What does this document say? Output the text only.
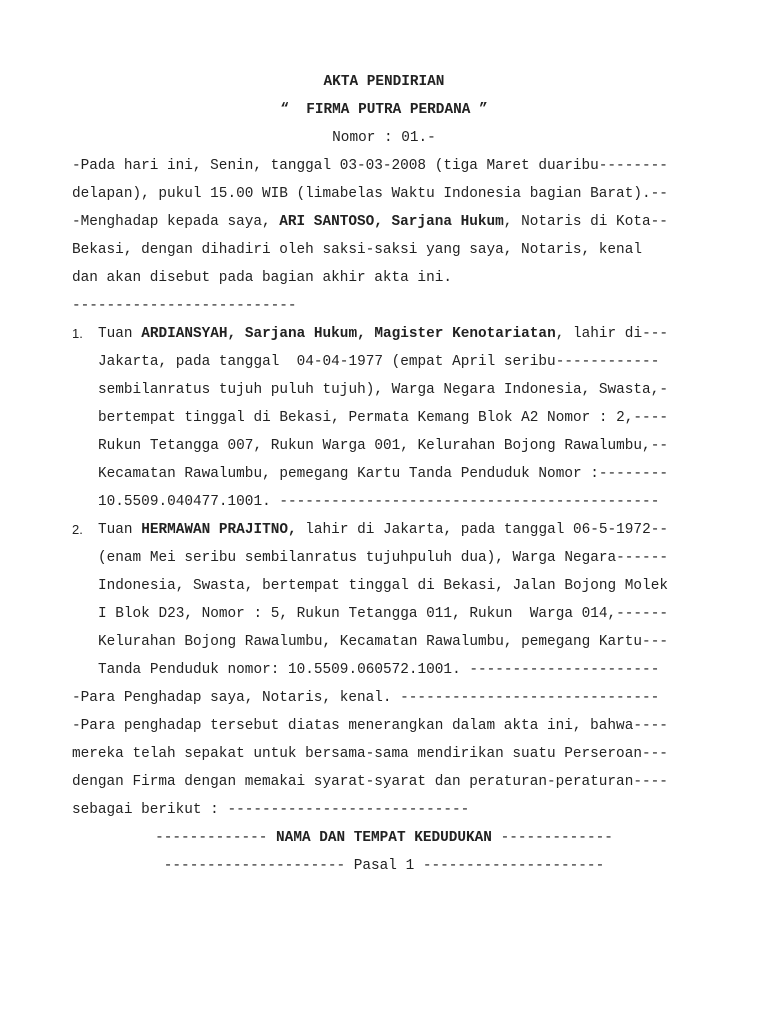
AKTA PENDIRIAN
“  FIRMA PUTRA PERDANA ”
Nomor : 01.-
-Pada hari ini, Senin, tanggal 03-03-2008 (tiga Maret duaribu--------
delapan), pukul 15.00 WIB (limabelas Waktu Indonesia bagian Barat).--
-Menghadap kepada saya, ARI SANTOSO, Sarjana Hukum, Notaris di Kota--
Bekasi, dengan dihadiri oleh saksi-saksi yang saya, Notaris, kenal
dan akan disebut pada bagian akhir akta ini.
--------------------------
1. Tuan ARDIANSYAH, Sarjana Hukum, Magister Kenotariatan, lahir di---
Jakarta, pada tanggal  04-04-1977 (empat April seribu------------
sembilanratus tujuh puluh tujuh), Warga Negara Indonesia, Swasta,-
bertempat tinggal di Bekasi, Permata Kemang Blok A2 Nomor : 2,----
Rukun Tetangga 007, Rukun Warga 001, Kelurahan Bojong Rawalumbu,--
Kecamatan Rawalumbu, pemegang Kartu Tanda Penduduk Nomor :--------
10.5509.040477.1001. --------------------------------------------
2. Tuan HERMAWAN PRAJITNO, lahir di Jakarta, pada tanggal 06-5-1972--
(enam Mei seribu sembilanratus tujuhpuluh dua), Warga Negara------
Indonesia, Swasta, bertempat tinggal di Bekasi, Jalan Bojong Molek
I Blok D23, Nomor : 5, Rukun Tetangga 011, Rukun  Warga 014,------
Kelurahan Bojong Rawalumbu, Kecamatan Rawalumbu, pemegang Kartu---
Tanda Penduduk nomor: 10.5509.060572.1001. ----------------------
-Para Penghadap saya, Notaris, kenal. ------------------------------
-Para penghadap tersebut diatas menerangkan dalam akta ini, bahwa----
mereka telah sepakat untuk bersama-sama mendirikan suatu Perseroan---
dengan Firma dengan memakai syarat-syarat dan peraturan-peraturan----
sebagai berikut : ----------------------------
------------- NAMA DAN TEMPAT KEDUDUKAN -------------
--------------------- Pasal 1 ---------------------
